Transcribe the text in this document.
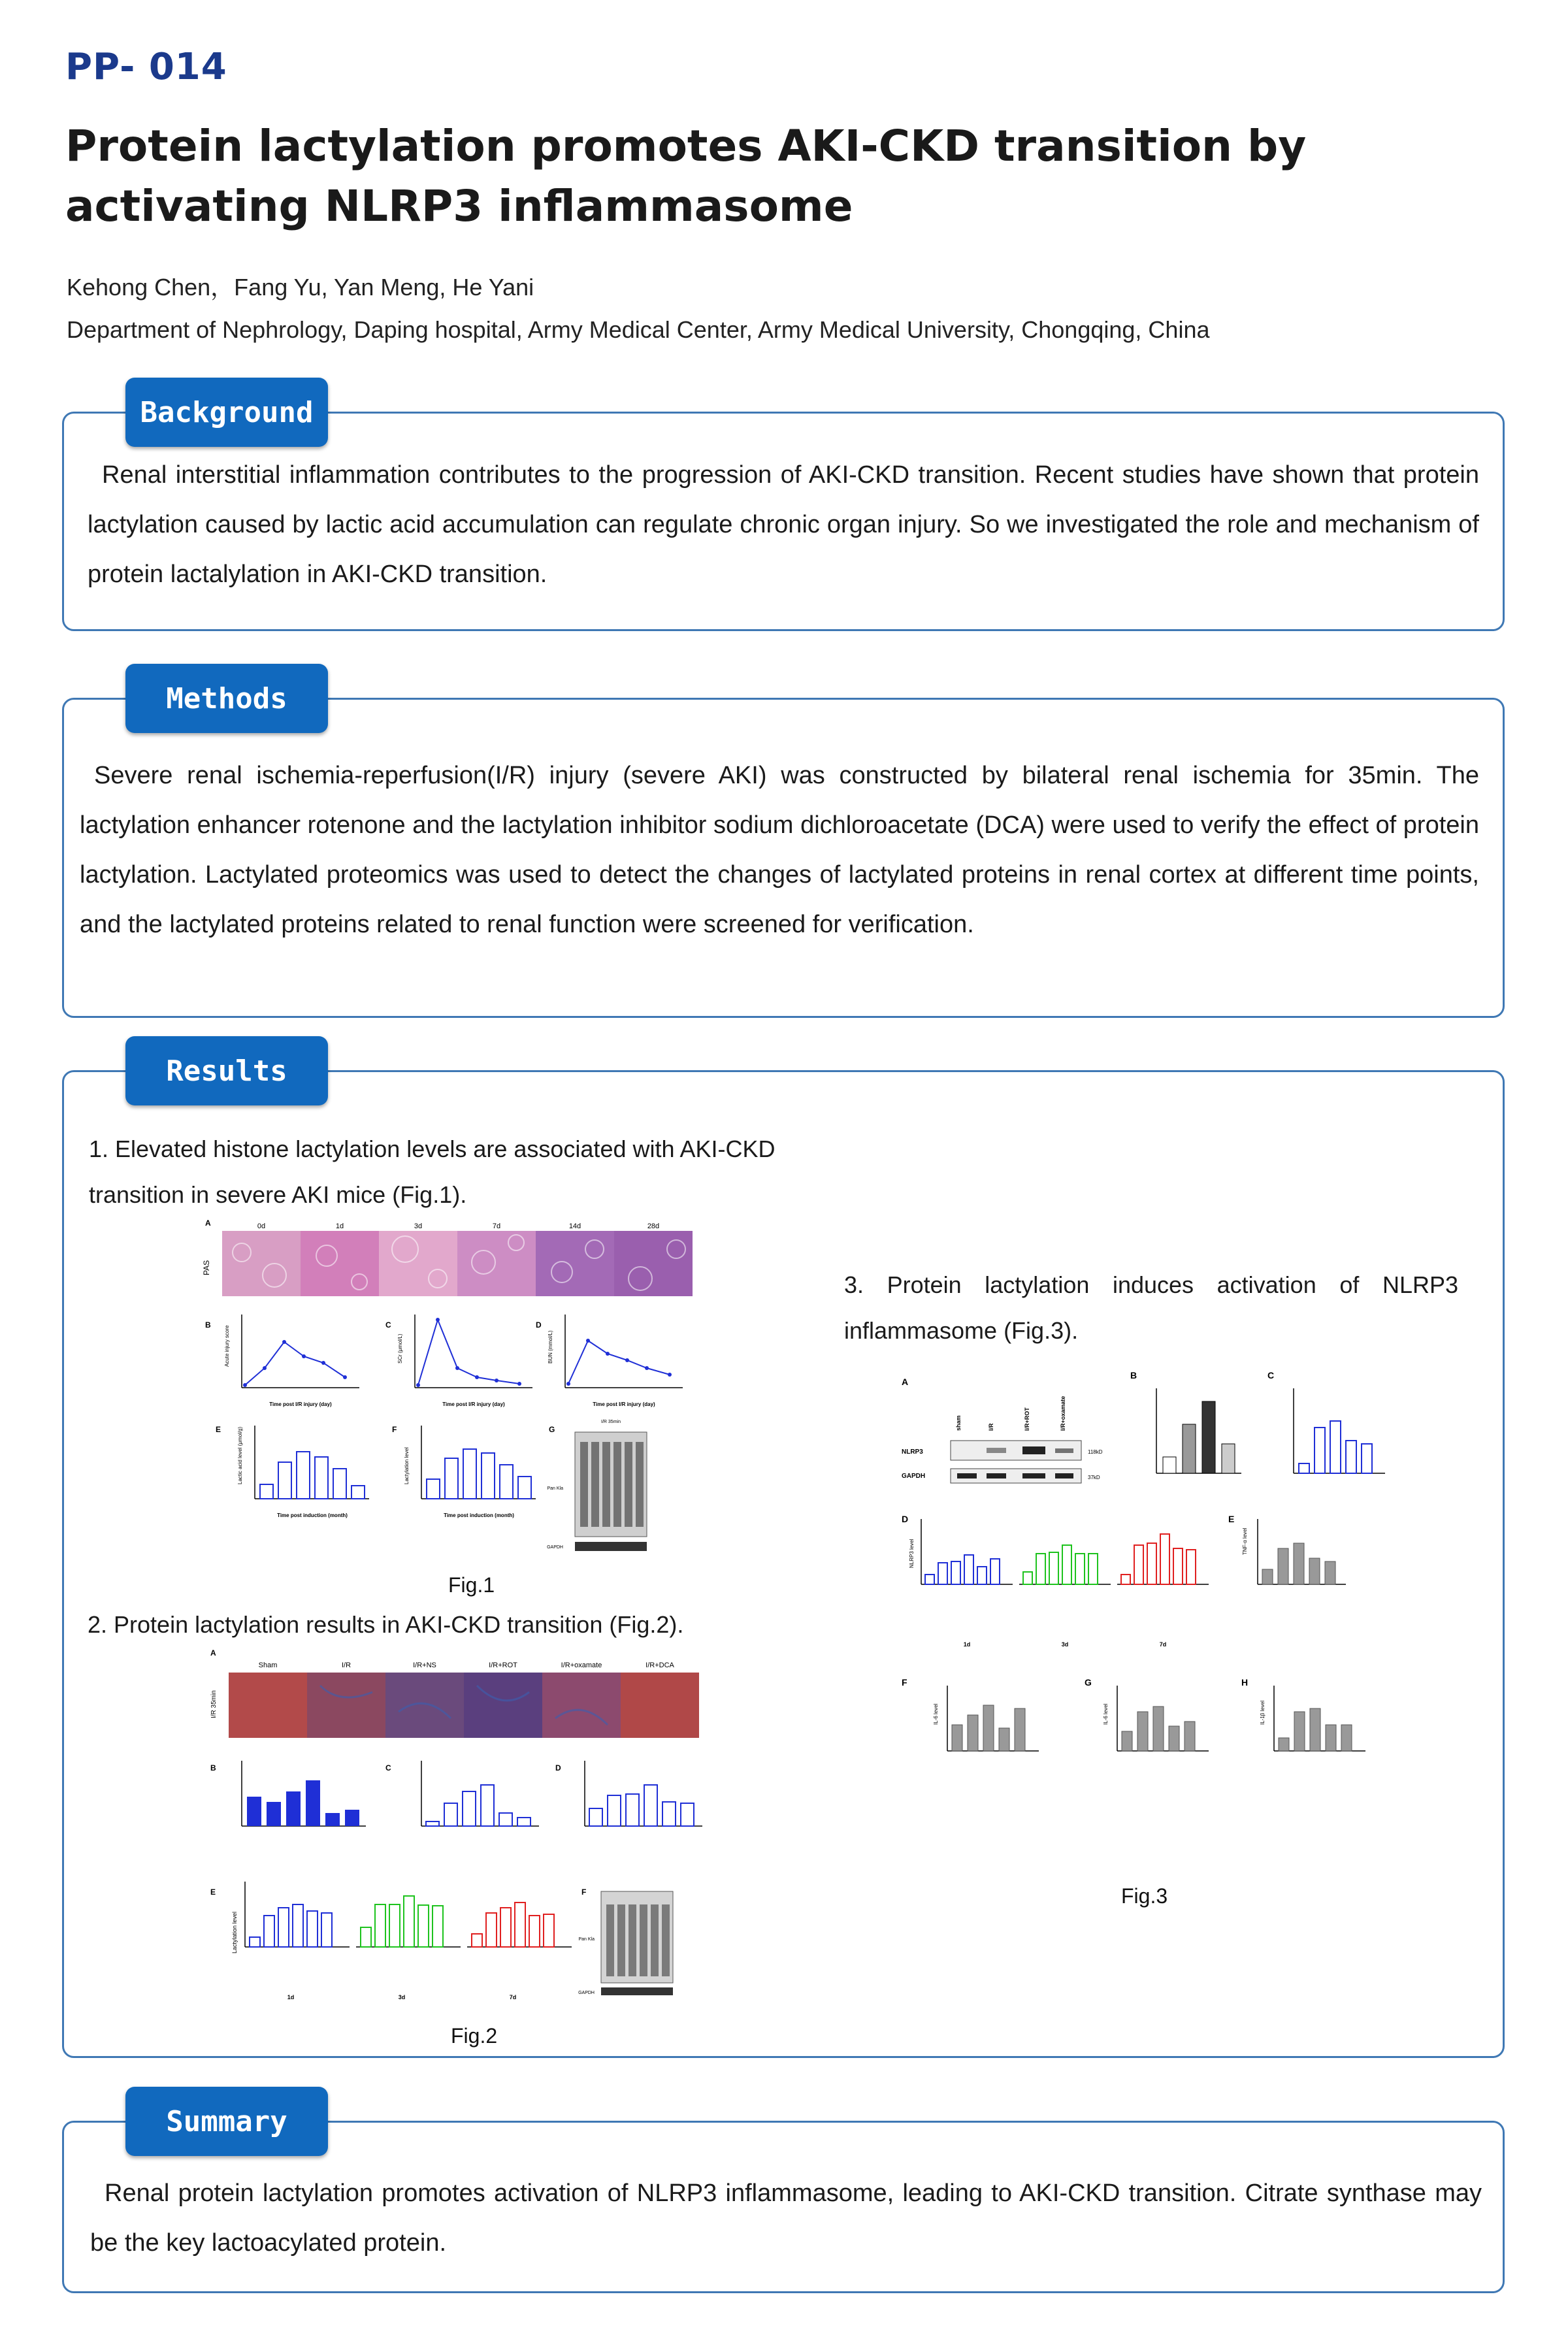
PP- 014
Protein lactylation promotes AKI-CKD transition by activating NLRP3 inflammasome
Kehong Chen，Fang Yu, Yan Meng, He Yani
Department of Nephrology, Daping hospital, Army Medical Center, Army Medical University, Chongqing, China
Background
Renal interstitial inflammation contributes to the progression of AKI-CKD transition. Recent studies have shown that protein lactylation caused by lactic acid accumulation can regulate chronic organ injury. So we investigated the role and mechanism of protein lactalylation in AKI-CKD transition.
Methods
Severe renal ischemia-reperfusion(I/R) injury (severe AKI) was constructed by bilateral renal ischemia for 35min. The lactylation enhancer rotenone and the lactylation inhibitor sodium dichloroacetate (DCA) were used to verify the effect of protein lactylation. Lactylated proteomics was used to detect the changes of lactylated proteins in renal cortex at different time points, and the lactylated proteins related to renal function were screened for verification.
Results
1. Elevated histone lactylation levels are associated with AKI-CKD transition in severe AKI mice (Fig.1).
3. Protein lactylation induces activation of NLRP3 inflammasome (Fig.3).
2. Protein lactylation results in AKI-CKD transition (Fig.2).
A
PAS
0d	1d	3d	7d	14d	28d
B
Acute injury score
Time post I/R injury (day)
C
SCr (μmol/L)
Time post I/R injury (day)
D
BUN (mmol/L)
Time post I/R injury (day)
E	Lactic acid level (μmol/g)
Time post induction (month)
F
Lactylation level
Time post induction (month)
G
I/R 35min
Pan Kla
GAPDH
Fig.1
A
I/R 35min
Sham	I/R	I/R+NS	I/R+ROT	I/R+oxamate	I/R+DCA
B	C	D
E
Lactylation level
1d	3d	7d
F
Pan Kla
GAPDH
Fig.2
A
sham	I/R	I/R+ROT	I/R+oxamate
NLRP3
GAPDH
118kD
37kD
B	C
D
NLRP3 level
1d	3d	7d
E
TNF-α level
F
IL-6 level
G
IL-6 level
H
IL-1β level
Fig.3
Summary
Renal protein lactylation promotes activation of NLRP3 inflammasome, leading to AKI-CKD transition. Citrate synthase may be the key lactoacylated protein.
